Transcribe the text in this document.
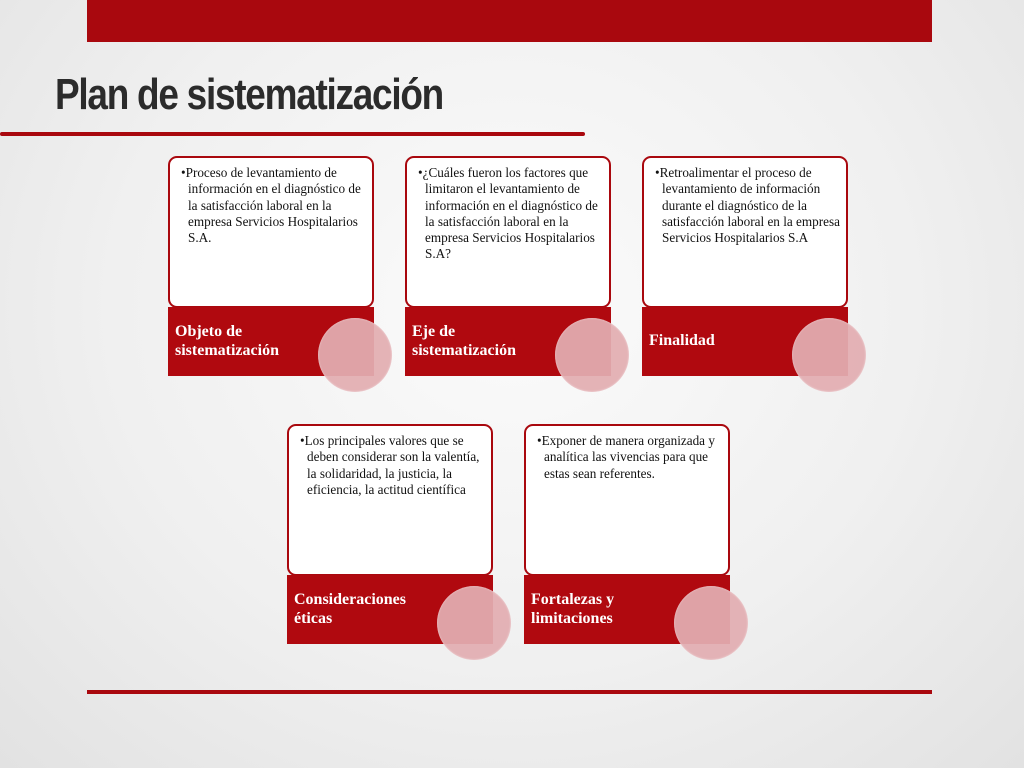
Plan de sistematización
•Proceso de levantamiento de información en el diagnóstico de la satisfacción laboral en la empresa Servicios Hospitalarios S.A.
Objeto de sistematización
•¿Cuáles fueron los factores que limitaron el levantamiento de información en el diagnóstico de la satisfacción laboral en la empresa Servicios Hospitalarios S.A?
Eje de sistematización
•Retroalimentar el proceso de levantamiento de información durante el diagnóstico de la satisfacción laboral en la empresa Servicios Hospitalarios S.A
Finalidad
•Los principales valores que se deben considerar son la valentía, la solidaridad, la justicia, la eficiencia, la actitud científica
Consideraciones éticas
•Exponer de manera organizada y analítica las vivencias para que estas sean referentes.
Fortalezas y limitaciones
